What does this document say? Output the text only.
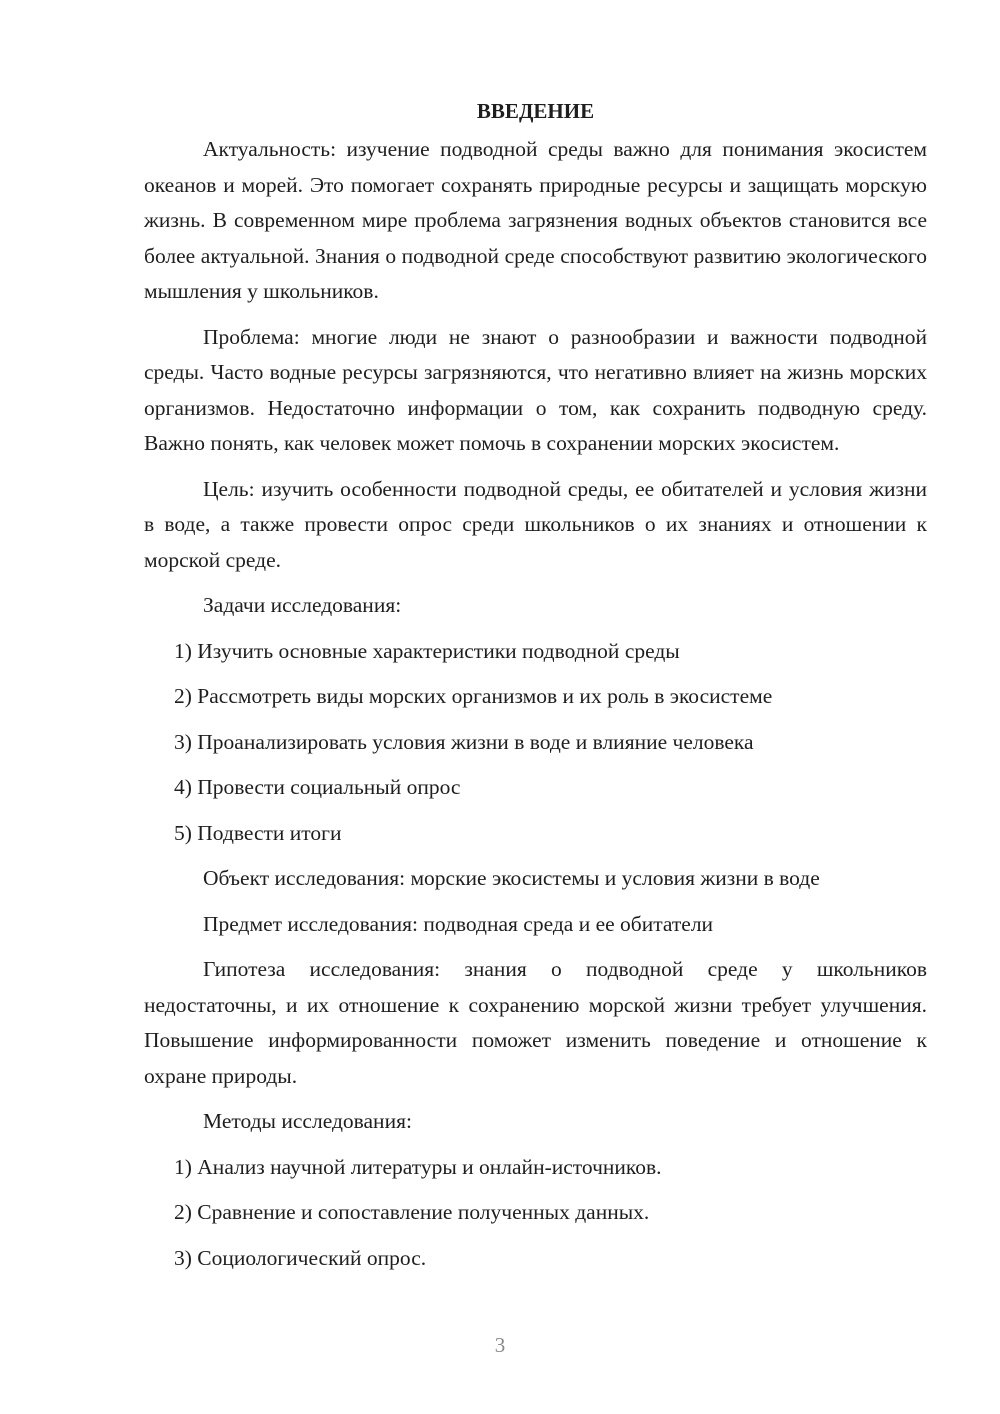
ВВЕДЕНИЕ

Актуальность: изучение подводной среды важно для понимания экосистем океанов и морей. Это помогает сохранять природные ресурсы и защищать морскую жизнь. В современном мире проблема загрязнения водных объектов становится все более актуальной. Знания о подводной среде способствуют развитию экологического мышления у школьников.

Проблема: многие люди не знают о разнообразии и важности подводной среды. Часто водные ресурсы загрязняются, что негативно влияет на жизнь морских организмов. Недостаточно информации о том, как сохранить подводную среду. Важно понять, как человек может помочь в сохранении морских экосистем.

Цель: изучить особенности подводной среды, ее обитателей и условия жизни в воде, а также провести опрос среди школьников о их знаниях и отношении к морской среде.

Задачи исследования:
1) Изучить основные характеристики подводной среды
2) Рассмотреть виды морских организмов и их роль в экосистеме
3) Проанализировать условия жизни в воде и влияние человека
4) Провести социальный опрос
5) Подвести итоги
Объект исследования: морские экосистемы и условия жизни в воде
Предмет исследования: подводная среда и ее обитатели

Гипотеза исследования: знания о подводной среде у школьников недостаточны, и их отношение к сохранению морской жизни требует улучшения. Повышение информированности поможет изменить поведение и отношение к охране природы.

Методы исследования:
1) Анализ научной литературы и онлайн-источников.
2) Сравнение и сопоставление полученных данных.
3) Социологический опрос.
3
